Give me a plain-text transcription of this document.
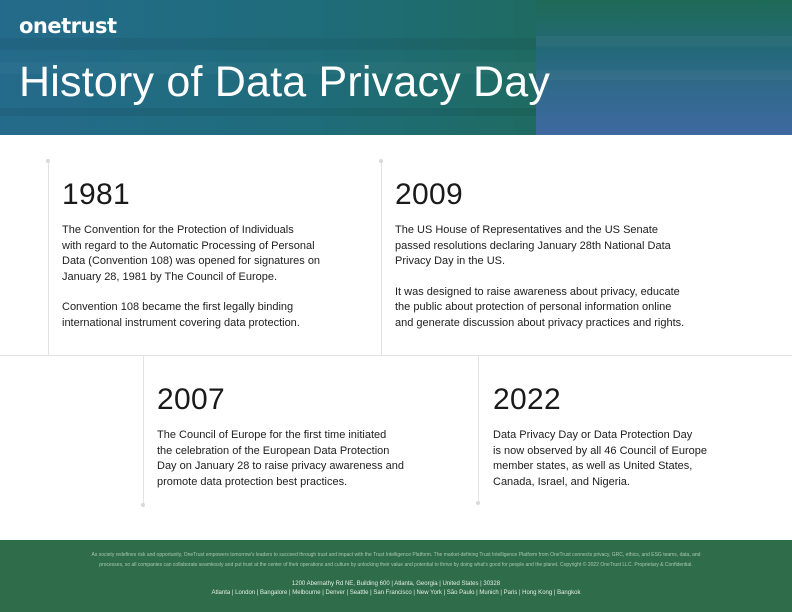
onetrust
History of Data Privacy Day
1981
The Convention for the Protection of Individuals
with regard to the Automatic Processing of Personal
Data (Convention 108) was opened for signatures on
January 28, 1981 by The Council of Europe.
Convention 108 became the first legally binding
international instrument covering data protection.
2009
The US House of Representatives and the US Senate
passed resolutions declaring January 28th National Data
Privacy Day in the US.
It was designed to raise awareness about privacy, educate
the public about protection of personal information online
and generate discussion about privacy practices and rights.
2007
The Council of Europe for the first time initiated
the celebration of the European Data Protection
Day on January 28 to raise privacy awareness and
promote data protection best practices.
2022
Data Privacy Day or Data Protection Day
is now observed by all 46 Council of Europe
member states, as well as United States,
Canada, Israel, and Nigeria.
As society redefines risk and opportunity, OneTrust empowers tomorrow's leaders to succeed through trust and impact with the Trust Intelligence Platform. The market-defining Trust Intelligence Platform from OneTrust connects privacy, GRC, ethics, and ESG teams, data, and
processes, so all companies can collaborate seamlessly and put trust at the center of their operations and culture by unlocking their value and potential to thrive by doing what's good for people and the planet. Copyright © 2022 OneTrust LLC. Proprietary & Confidential.
1200 Abernathy Rd NE, Building 600 | Atlanta, Georgia | United States | 30328
Atlanta | London | Bangalore | Melbourne | Denver | Seattle | San Francisco | New York | São Paulo | Munich | Paris | Hong Kong | Bangkok
